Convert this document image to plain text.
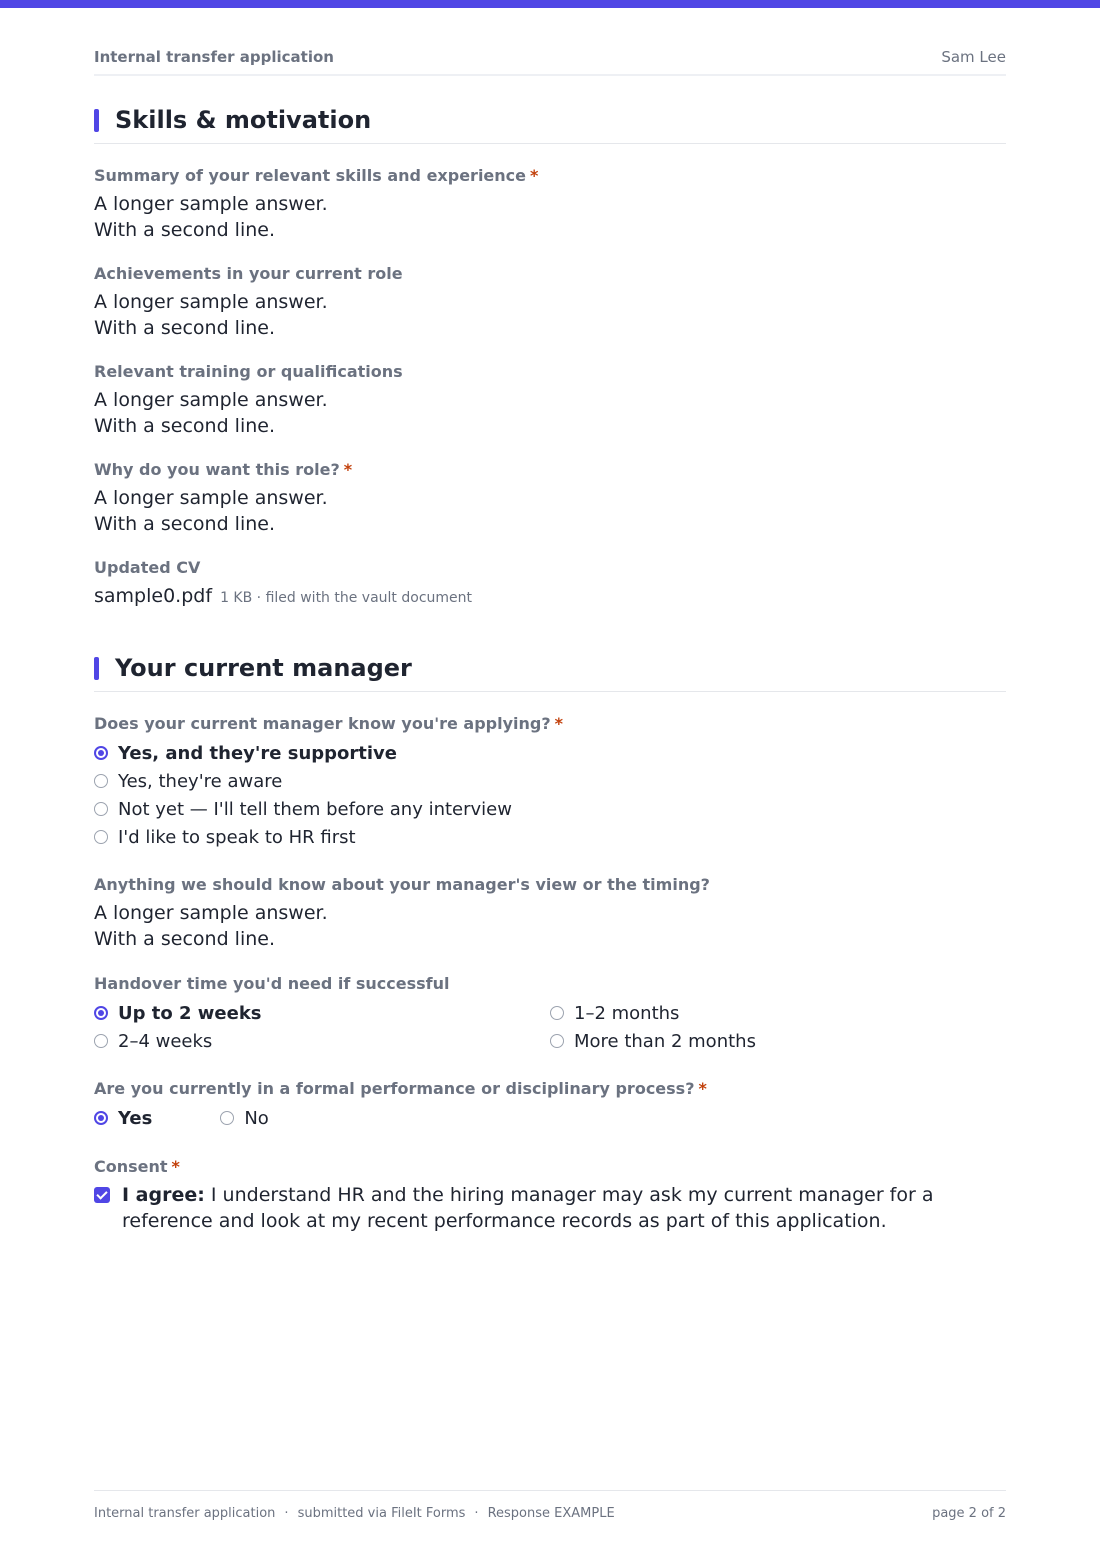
Internal transfer application	Sam Lee
Skills & motivation
Summary of your relevant skills and experience *
A longer sample answer.
With a second line.
Achievements in your current role
A longer sample answer.
With a second line.
Relevant training or qualifications
A longer sample answer.
With a second line.
Why do you want this role? *
A longer sample answer.
With a second line.
Updated CV
sample0.pdf 1 KB · filed with the vault document
Your current manager
Does your current manager know you're applying? *
Yes, and they're supportive
Yes, they're aware
Not yet — I'll tell them before any interview
I'd like to speak to HR first
Anything we should know about your manager's view or the timing?
A longer sample answer.
With a second line.
Handover time you'd need if successful
Up to 2 weeks	1–2 months
2–4 weeks	More than 2 months
Are you currently in a formal performance or disciplinary process? *
Yes	No
Consent *
I agree: I understand HR and the hiring manager may ask my current manager for a reference and look at my recent performance records as part of this application.
Internal transfer application · submitted via FileIt Forms · Response EXAMPLE	page 2 of 2
